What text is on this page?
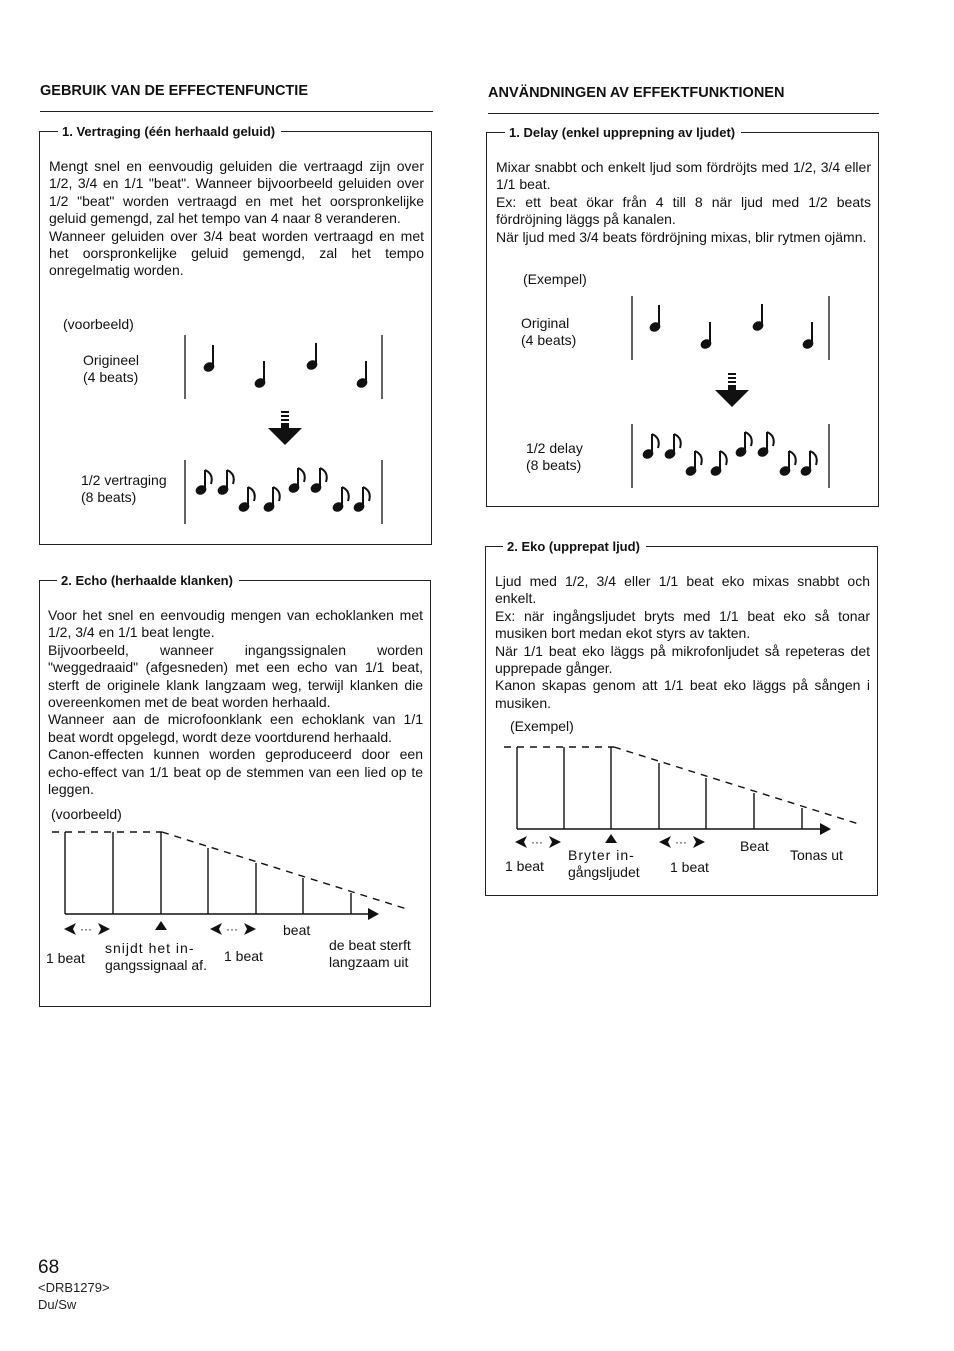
GEBRUIK VAN DE EFFECTENFUNCTIE
1. Vertraging (één herhaald geluid)

Mengt snel en eenvoudig geluiden die vertraagd zijn over 1/2, 3/4 en 1/1 "beat". Wanneer bijvoorbeeld geluiden over 1/2 "beat" worden vertraagd en met het oorspronkelijke geluid gemengd, zal het tempo van 4 naar 8 veranderen.

Wanneer geluiden over 3/4 beat worden vertraagd en met het oorspronkelijke geluid gemengd, zal het tempo onregelmatig worden.

(voorbeeld)
Origineel
(4 beats)
1/2 vertraging
(8 beats)
2. Echo (herhaalde klanken)

Voor het snel en eenvoudig mengen van echoklanken met 1/2, 3/4 en 1/1 beat lengte.

Bijvoorbeeld, wanneer ingangssignalen worden "weggedraaid" (afgesneden) met een echo van 1/1 beat, sterft de originele klank langzaam weg, terwijl klanken die overeenkomen met de beat worden herhaald.

Wanneer aan de microfoonklank een echoklank van 1/1 beat wordt opgelegd, wordt deze voortdurend herhaald.

Canon-effecten kunnen worden geproduceerd door een echo-effect van 1/1 beat op de stemmen van een lied op te leggen.

(voorbeeld)
···	···
1 beat
snijdt het in-
gangssignaal af.
1 beat
beat
de beat sterft
langzaam uit
ANVÄNDNINGEN AV EFFEKTFUNKTIONEN
1. Delay (enkel upprepning av ljudet)

Mixar snabbt och enkelt ljud som fördröjts med 1/2, 3/4 eller 1/1 beat.

Ex: ett beat ökar från 4 till 8 när ljud med 1/2 beats fördröjning läggs på kanalen.

När ljud med 3/4 beats fördröjning mixas, blir rytmen ojämn.

(Exempel)
Original
(4 beats)
1/2 delay
(8 beats)
2. Eko (upprepat ljud)

Ljud med 1/2, 3/4 eller 1/1 beat eko mixas snabbt och enkelt.

Ex: när ingångsljudet bryts med 1/1 beat eko så tonar musiken bort medan ekot styrs av takten.

När 1/1 beat eko läggs på mikrofonljudet så repeteras det upprepade gånger.

Kanon skapas genom att 1/1 beat eko läggs på sången i musiken.

(Exempel)
···	···
1 beat
Bryter in-
gångsljudet 1 beat
Beat
Tonas ut
68
<DRB1279>
Du/Sw
